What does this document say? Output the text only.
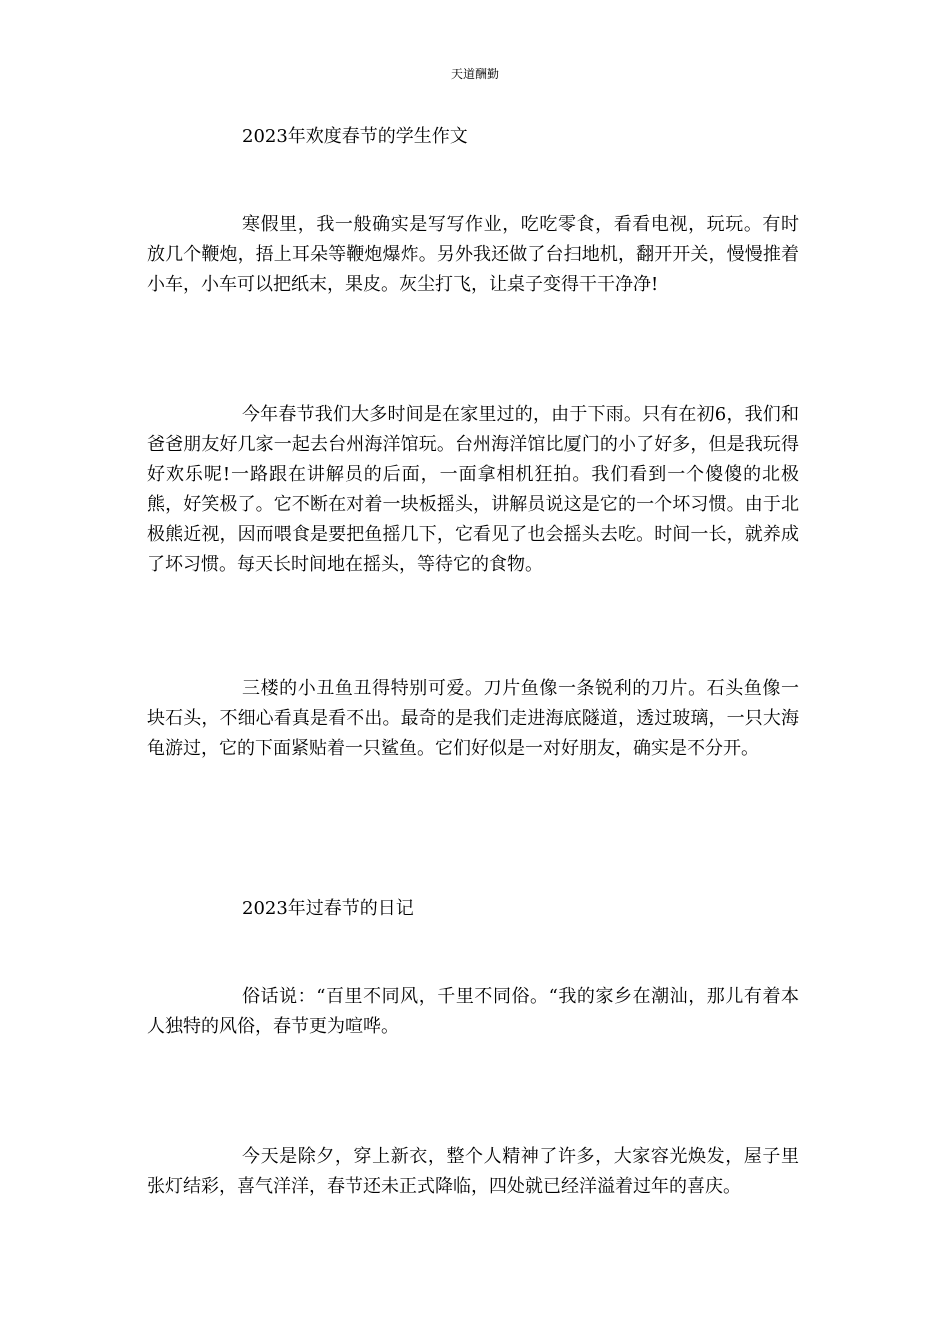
天道酬勤
2023年欢度春节的学生作文

寒假里，我一般确实是写写作业，吃吃零食，看看电视，玩玩。有时放几个鞭炮，捂上耳朵等鞭炮爆炸。另外我还做了台扫地机，翻开开关，慢慢推着小车，小车可以把纸末，果皮。灰尘打飞，让桌子变得干干净净!

今年春节我们大多时间是在家里过的，由于下雨。只有在初6，我们和爸爸朋友好几家一起去台州海洋馆玩。台州海洋馆比厦门的小了好多，但是我玩得好欢乐呢!一路跟在讲解员的后面，一面拿相机狂拍。我们看到一个傻傻的北极熊，好笑极了。它不断在对着一块板摇头，讲解员说这是它的一个坏习惯。由于北极熊近视，因而喂食是要把鱼摇几下，它看见了也会摇头去吃。时间一长，就养成了坏习惯。每天长时间地在摇头，等待它的食物。

三楼的小丑鱼丑得特别可爱。刀片鱼像一条锐利的刀片。石头鱼像一块石头，不细心看真是看不出。最奇的是我们走进海底隧道，透过玻璃，一只大海龟游过，它的下面紧贴着一只鲨鱼。它们好似是一对好朋友，确实是不分开。

2023年过春节的日记

俗话说：“百里不同风，千里不同俗。“我的家乡在潮汕，那儿有着本人独特的风俗，春节更为喧哗。

今天是除夕，穿上新衣，整个人精神了许多，大家容光焕发，屋子里张灯结彩，喜气洋洋，春节还未正式降临，四处就已经洋溢着过年的喜庆。
